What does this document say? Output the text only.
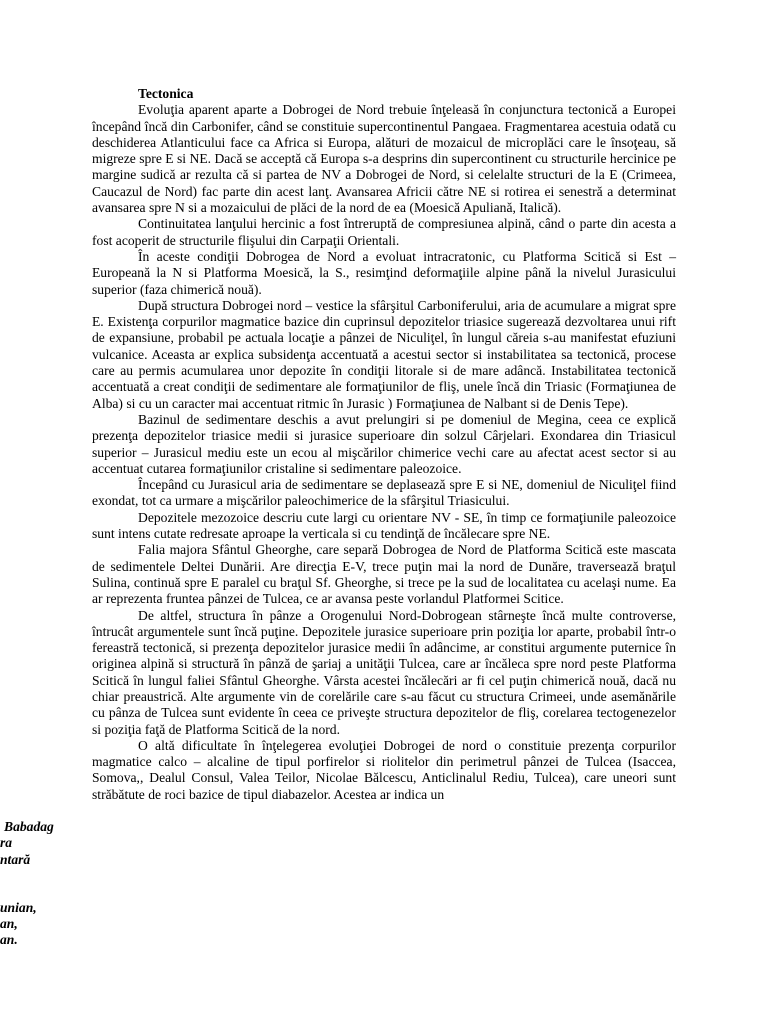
Tectonica

Evoluţia aparent aparte a Dobrogei de Nord trebuie înţeleasă în conjunctura tectonică a Europei începând încă din Carbonifer, când se constituie supercontinentul Pangaea. Fragmentarea acestuia odată cu deschiderea Atlanticului face ca Africa si Europa, alături de mozaicul de microplăci care le însoţeau, să migreze spre E si NE. Dacă se acceptă că Europa s-a desprins din supercontinent cu structurile hercinice pe margine sudică ar rezulta că si partea de NV a Dobrogei de Nord, si celelalte structuri de la E (Crimeea, Caucazul de Nord) fac parte din acest lanţ. Avansarea Africii către NE si rotirea ei senestră a determinat avansarea spre N si a mozaicului de plăci de la nord de ea (Moesică Apuliană, Italică).

Continuitatea lanţului hercinic a fost întreruptă de compresiunea alpină, când o parte din acesta a fost acoperit de structurile flişului din Carpaţii Orientali.

În aceste condiţii Dobrogea de Nord a evoluat intracratonic, cu Platforma Scitică si Est – Europeană la N si Platforma Moesică, la S., resimţind deformaţiile alpine până la nivelul Jurasicului superior (faza chimerică nouă).

După structura Dobrogei nord – vestice la sfârşitul Carboniferului, aria de acumulare a migrat spre E. Existenţa corpurilor magmatice bazice din cuprinsul depozitelor triasice sugerează dezvoltarea unui rift de expansiune, probabil pe actuala locaţie a pânzei de Niculiţel, în lungul căreia s-au manifestat efuziuni vulcanice. Aceasta ar explica subsidenţa accentuată a acestui sector si instabilitatea sa tectonică, procese care au permis acumularea unor depozite în condiţii litorale si de mare adâncă. Instabilitatea tectonică accentuată a creat condiţii de sedimentare ale formaţiunilor de fliş, unele încă din Triasic (Formaţiunea de Alba) si cu un caracter mai accentuat ritmic în Jurasic ) Formaţiunea de Nalbant si de Denis Tepe).

Bazinul de sedimentare deschis a avut prelungiri si pe domeniul de Megina, ceea ce explică prezenţa depozitelor triasice medii si jurasice superioare din solzul Cârjelari. Exondarea din Triasicul superior – Jurasicul mediu este un ecou al mişcărilor chimerice vechi care au afectat acest sector si au accentuat cutarea formaţiunilor cristaline si sedimentare paleozoice.

Începând cu Jurasicul aria de sedimentare se deplasează spre E si NE, domeniul de Niculiţel fiind exondat, tot ca urmare a mişcărilor paleochimerice de la sfârşitul Triasicului.

Depozitele mezozoice descriu cute largi cu orientare NV - SE, în timp ce formaţiunile paleozoice sunt intens cutate redresate aproape la verticala si cu tendinţă de încălecare spre NE.

Falia majora Sfântul Gheorghe, care separă Dobrogea de Nord de Platforma Scitică este mascata de sedimentele Deltei Dunării. Are direcţia E-V, trece puţin mai la nord de Dunăre, traversează braţul Sulina, continuă spre E paralel cu braţul Sf. Gheorghe, si trece pe la sud de localitatea cu acelaşi nume. Ea ar reprezenta fruntea pânzei de Tulcea, ce ar avansa peste vorlandul Platformei Scitice.

De altfel, structura în pânze a Orogenului Nord-Dobrogean stârneşte încă multe controverse, întrucât argumentele sunt încă puţine. Depozitele jurasice superioare prin poziţia lor aparte, probabil într-o fereastră tectonică, si prezenţa depozitelor jurasice medii în adâncime, ar constitui argumente puternice în originea alpină si structură în pânză de şariaj a unităţii Tulcea, care ar încăleca spre nord peste Platforma Scitică în lungul faliei Sfântul Gheorghe. Vârsta acestei încălecări ar fi cel puţin chimerică nouă, dacă nu chiar preaustrică. Alte argumente vin de corelările care s-au făcut cu structura Crimeei, unde asemănările cu pânza de Tulcea sunt evidente în ceea ce priveşte structura depozitelor de fliş, corelarea tectogenezelor si poziţia faţă de Platforma Scitică de la nord.

O altă dificultate în înţelegerea evoluţiei Dobrogei de nord o constituie prezenţa corpurilor magmatice calco – alcaline de tipul porfirelor si riolitelor din perimetrul pânzei de Tulcea (Isaccea, Somova,, Dealul Consul, Valea Teilor, Nicolae Bălcescu, Anticlinalul Rediu, Tulcea), care uneori sunt străbătute de roci bazice de tipul diabazelor. Acestea ar indica un

Babadag
ra
ntară
unian,
an,
an.
